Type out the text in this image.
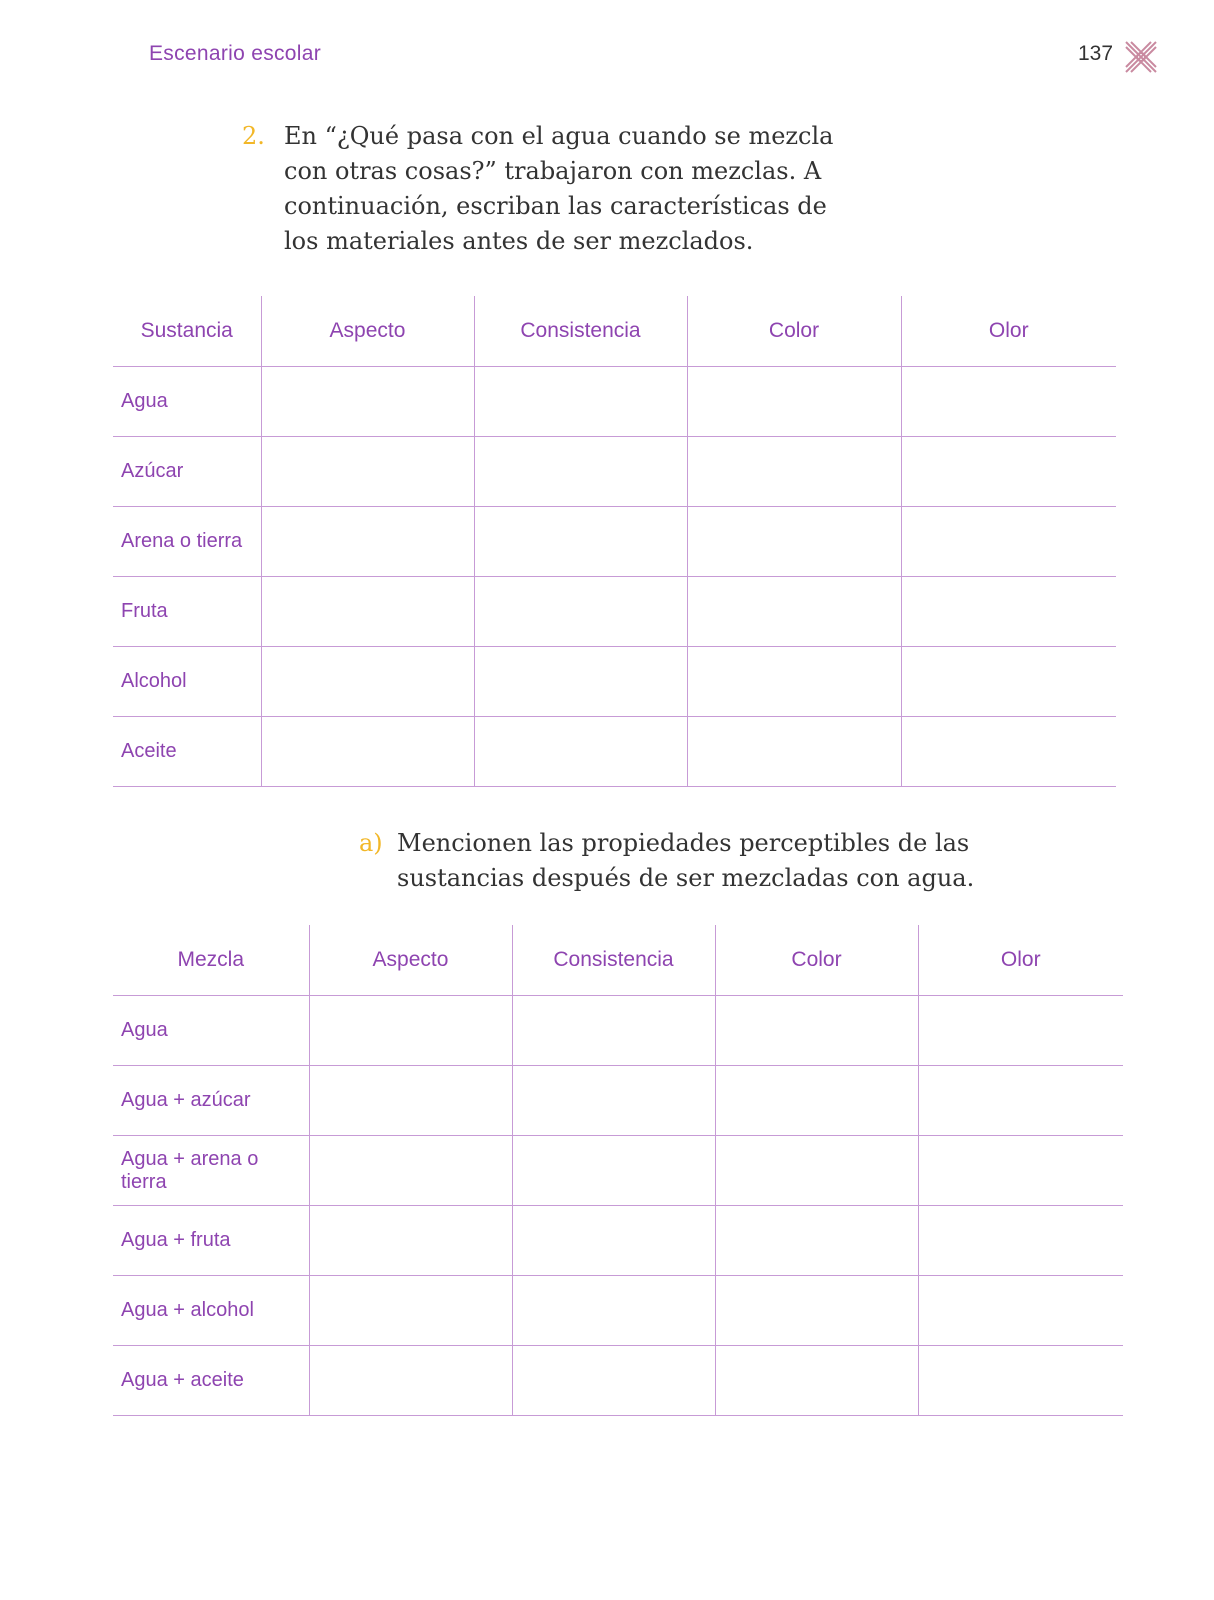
Escenario escolar	137
2. En “¿Qué pasa con el agua cuando se mezcla
con otras cosas?” trabajaron con mezclas. A
continuación, escriban las características de
los materiales antes de ser mezclados.
Sustancia	Aspecto	Consistencia	Color	Olor
Agua				
Azúcar				
Arena o tierra				
Fruta				
Alcohol				
Aceite				
a) Mencionen las propiedades perceptibles de las
sustancias después de ser mezcladas con agua.
Mezcla	Aspecto	Consistencia	Color	Olor
Agua				
Agua + azúcar				
Agua + arena o tierra				
Agua + fruta				
Agua + alcohol				
Agua + aceite				
